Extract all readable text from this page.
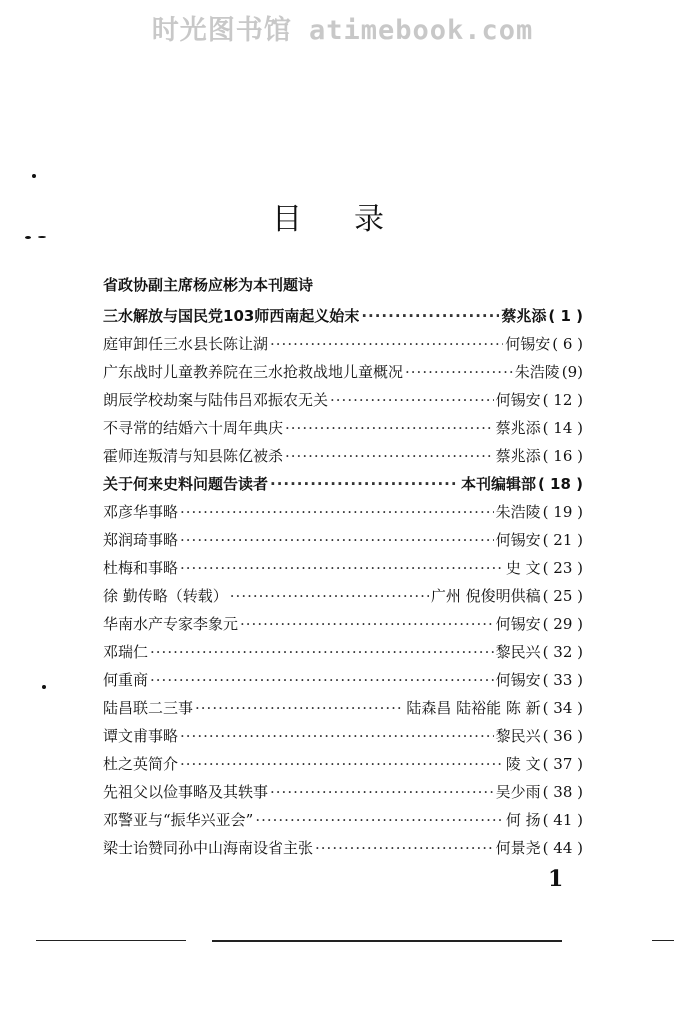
时光图书馆 atimebook.com
目录
省政协副主席杨应彬为本刊题诗
三水解放与国民党103师西南起义始末 ·····	蔡兆添 ( 1 )
庭审卸任三水县长陈让湖 ·····	何锡安 ( 6 )
广东战时儿童教养院在三水抢救战地儿童概况 ·····	朱浩陵 (9)
朗辰学校劫案与陆伟吕邓振农无关 ·····	何锡安 ( 12 )
不寻常的结婚六十周年典庆 ·····	蔡兆添 ( 14 )
霍师连叛清与知县陈亿被杀 ·····	蔡兆添 ( 16 )
关于何来史料问题告读者 ·····	本刊编辑部 ( 18 )
邓彦华事略 ·····	朱浩陵 ( 19 )
郑润琦事略 ·····	何锡安 ( 21 )
杜梅和事略 ·····	史 文 ( 23 )
徐 勤传略（转载） ·····	广州 倪俊明供稿 ( 25 )
华南水产专家李象元 ·····	何锡安 ( 29 )
邓瑞仁 ·····	黎民兴 ( 32 )
何重商 ·····	何锡安 ( 33 )
陆昌联二三事 ·····	陆森昌 陆裕能 陈 新 ( 34 )
谭文甫事略 ·····	黎民兴 ( 36 )
杜之英简介 ·····	陵 文 ( 37 )
先祖父以俭事略及其轶事 ·····	吴少雨 ( 38 )
邓警亚与“振华兴亚会” ·····	何 扬 ( 41 )
梁士诒赞同孙中山海南设省主张 ·····	何景尧 ( 44 )
1
